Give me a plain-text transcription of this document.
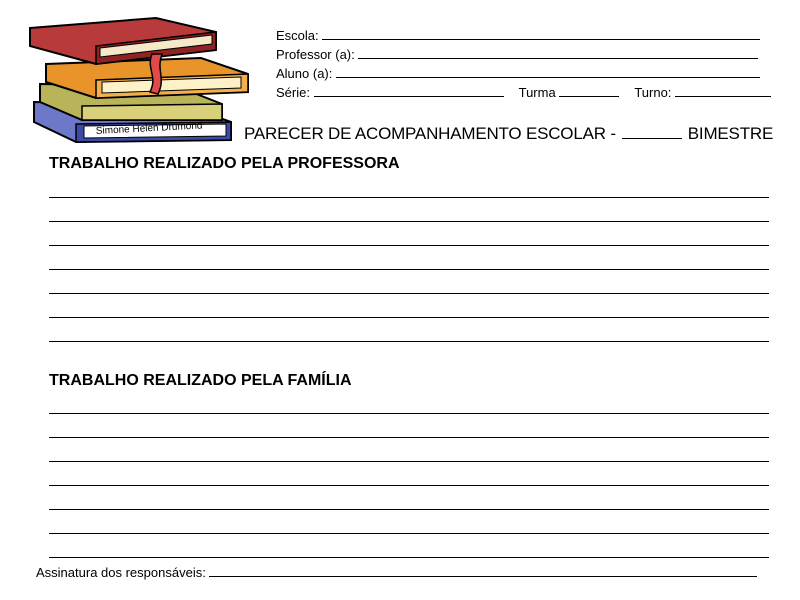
Simone Helen Drumond
Escola:
Professor (a):
Aluno (a):
Série:	Turma	Turno:
PARECER DE ACOMPANHAMENTO ESCOLAR -	BIMESTRE
TRABALHO REALIZADO PELA PROFESSORA
TRABALHO REALIZADO PELA FAMÍLIA
Assinatura dos responsáveis:
